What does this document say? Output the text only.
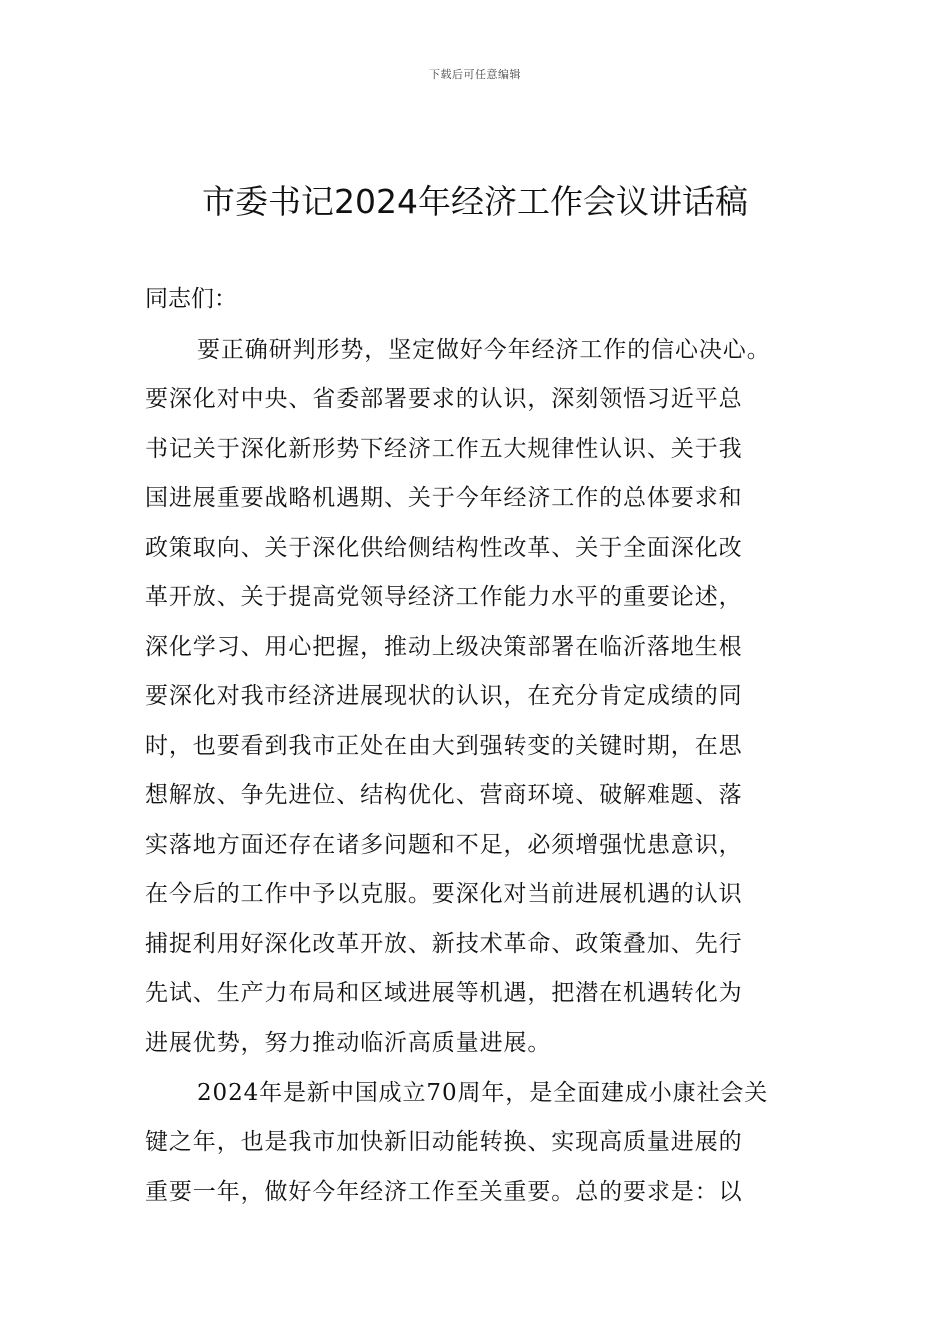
下载后可任意编辑
市委书记2024年经济工作会议讲话稿
同志们：
要正确研判形势，坚定做好今年经济工作的信心决心。
要深化对中央、省委部署要求的认识，深刻领悟习近平总
书记关于深化新形势下经济工作五大规律性认识、关于我
国进展重要战略机遇期、关于今年经济工作的总体要求和
政策取向、关于深化供给侧结构性改革、关于全面深化改
革开放、关于提高党领导经济工作能力水平的重要论述，
深化学习、用心把握，推动上级决策部署在临沂落地生根
要深化对我市经济进展现状的认识，在充分肯定成绩的同
时，也要看到我市正处在由大到强转变的关键时期，在思
想解放、争先进位、结构优化、营商环境、破解难题、落
实落地方面还存在诸多问题和不足，必须增强忧患意识，
在今后的工作中予以克服。要深化对当前进展机遇的认识
捕捉利用好深化改革开放、新技术革命、政策叠加、先行
先试、生产力布局和区域进展等机遇，把潜在机遇转化为
进展优势，努力推动临沂高质量进展。
2024年是新中国成立70周年，是全面建成小康社会关
键之年，也是我市加快新旧动能转换、实现高质量进展的
重要一年，做好今年经济工作至关重要。总的要求是：以
